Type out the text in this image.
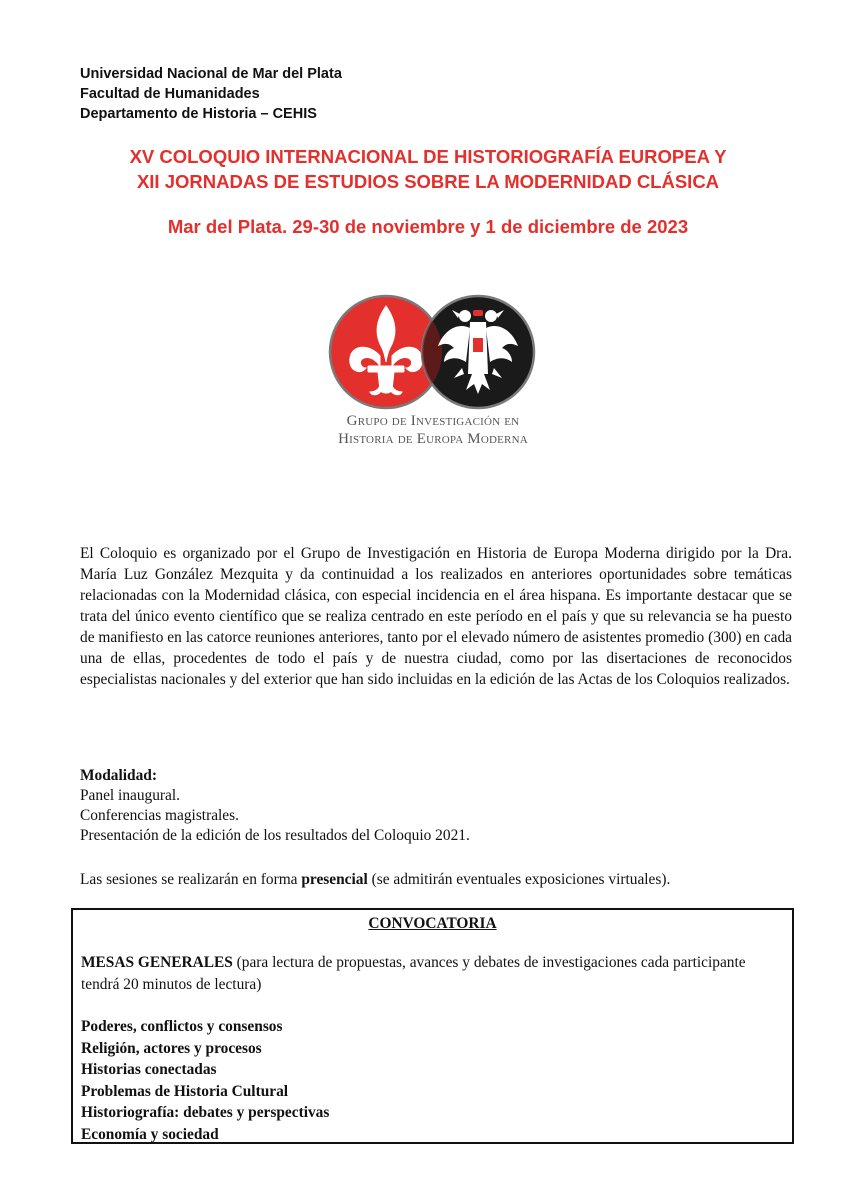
Universidad Nacional de Mar del Plata
Facultad de Humanidades
Departamento de Historia – CEHIS
XV COLOQUIO INTERNACIONAL DE HISTORIOGRAFÍA EUROPEA Y
XII JORNADAS DE ESTUDIOS SOBRE LA MODERNIDAD CLÁSICA
Mar del Plata. 29-30 de noviembre y 1 de diciembre de 2023
Grupo de Investigación en
Historia de Europa Moderna
El Coloquio es organizado por el Grupo de Investigación en Historia de Europa Moderna dirigido por la Dra. María Luz González Mezquita y da continuidad a los realizados en anteriores oportunidades sobre temáticas relacionadas con la Modernidad clásica, con especial incidencia en el área hispana. Es importante destacar que se trata del único evento científico que se realiza centrado en este período en el país y que su relevancia se ha puesto de manifiesto en las catorce reuniones anteriores, tanto por el elevado número de asistentes promedio (300) en cada una de ellas, procedentes de todo el país y de nuestra ciudad, como por las disertaciones de reconocidos especialistas nacionales y del exterior que han sido incluidas en la edición de las Actas de los Coloquios realizados.
Modalidad:
Panel inaugural.
Conferencias magistrales.
Presentación de la edición de los resultados del Coloquio 2021.
Las sesiones se realizarán en forma presencial (se admitirán eventuales exposiciones virtuales).
CONVOCATORIA
MESAS GENERALES (para lectura de propuestas, avances y debates de investigaciones cada participante tendrá 20 minutos de lectura)
Poderes, conflictos y consensos
Religión, actores y procesos
Historias conectadas
Problemas de Historia Cultural
Historiografía: debates y perspectivas
Economía y sociedad
